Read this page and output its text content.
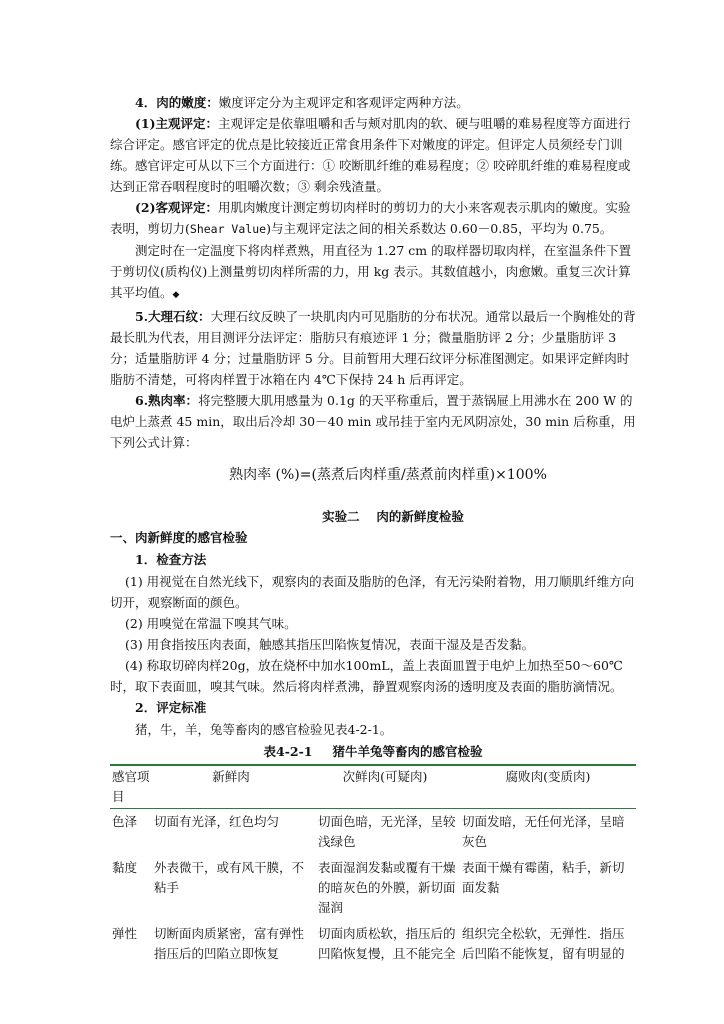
4．肉的嫩度：嫩度评定分为主观评定和客观评定两种方法。

(1)主观评定：主观评定是依靠咀嚼和舌与颊对肌肉的软、硬与咀嚼的难易程度等方面进行综合评定。感官评定的优点是比较接近正常食用条件下对嫩度的评定。但评定人员须经专门训练。感官评定可从以下三个方面进行：① 咬断肌纤维的难易程度；② 咬碎肌纤维的难易程度或达到正常吞咽程度时的咀嚼次数；③ 剩余残渣量。

(2)客观评定：用肌肉嫩度计测定剪切肉样时的剪切力的大小来客观表示肌肉的嫩度。实验表明，剪切力(Shear Value)与主观评定法之间的相关系数达 0.60－0.85，平均为 0.75。

测定时在一定温度下将肉样煮熟，用直径为 1.27 cm 的取样器切取肉样，在室温条件下置于剪切仪(质构仪)上测量剪切肉样所需的力，用 kg 表示。其数值越小，肉愈嫩。重复三次计算其平均值。◆

5.大理石纹：大理石纹反映了一块肌肉内可见脂肪的分布状况。通常以最后一个胸椎处的背最长肌为代表，用目测评分法评定：脂肪只有痕迹评 1 分；微量脂肪评 2 分；少量脂肪评 3 分；适量脂肪评 4 分；过量脂肪评 5 分。目前暂用大理石纹评分标准图测定。如果评定鲜肉时脂肪不清楚，可将肉样置于冰箱在内 4℃下保持 24 h 后再评定。

6.熟肉率：将完整腰大肌用感量为 0.1g 的天平称重后，置于蒸锅屉上用沸水在 200 W 的电炉上蒸煮 45 min，取出后冷却 30－40 min 或吊挂于室内无风阴凉处，30 min 后称重，用下列公式计算：

熟肉率 (%)=(蒸煮后肉样重/蒸煮前肉样重)×100%
实验二　 肉的新鲜度检验
一、肉新鲜度的感官检验
1．检查方法

(1) 用视觉在自然光线下，观察肉的表面及脂肪的色泽，有无污染附着物，用刀顺肌纤维方向切开，观察断面的颜色。

(2) 用嗅觉在常温下嗅其气味。

(3) 用食指按压肉表面，触感其指压凹陷恢复情况，表面干湿及是否发黏。

(4) 称取切碎肉样20g，放在烧杯中加水100mL，盖上表面皿置于电炉上加热至50～60℃时，取下表面皿，嗅其气味。然后将肉样煮沸，静置观察肉汤的透明度及表面的脂肪滴情况。

2．评定标准

猪，牛，羊，兔等畜肉的感官检验见表4-2-1。

表4-2-1 猪牛羊兔等畜肉的感官检验
感官项目	新鲜肉	次鲜肉(可疑肉)	腐败肉(变质肉)
色泽	切面有光泽，红色均匀	切面色暗，无光泽，呈较浅绿色	切面发暗，无任何光泽，呈暗灰色
黏度	外表微干，或有风干膜，不粘手	表面湿润发黏或覆有干燥的暗灰色的外膜，新切面湿润	表面干燥有霉菌，粘手，新切面发黏
弹性	切断面肉质紧密，富有弹性指压后的凹陷立即恢复	切面肉质松软，指压后的凹陷恢复慢，且不能完全	组织完全松软，无弹性．指压后凹陷不能恢复，留有明显的
